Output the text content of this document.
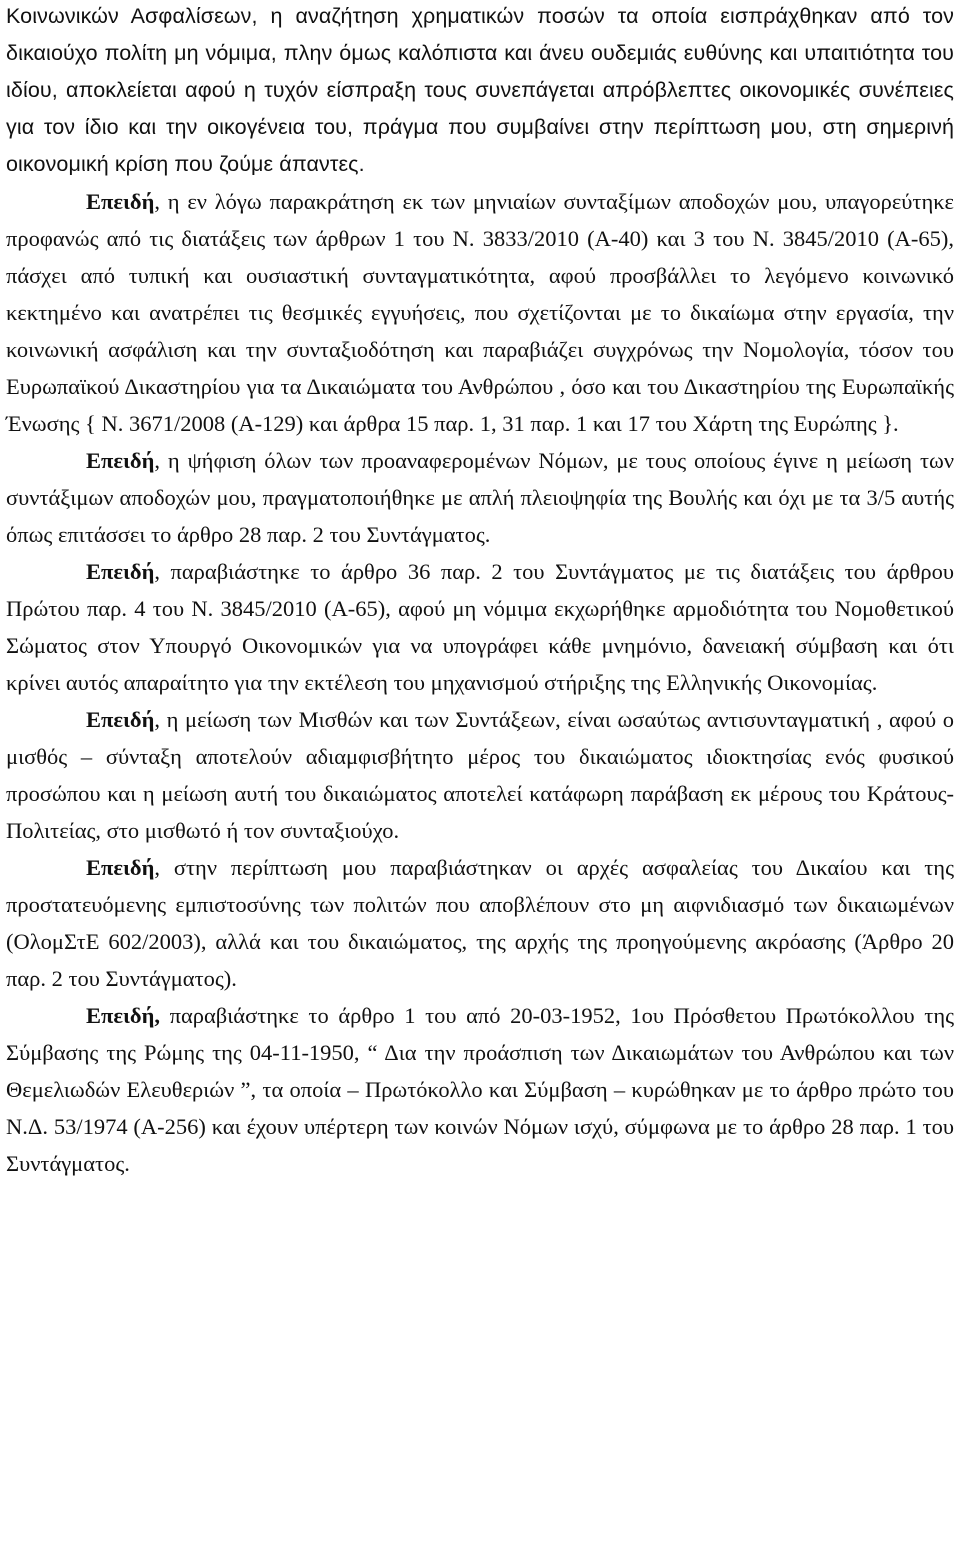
Κοινωνικών Ασφαλίσεων, η αναζήτηση χρηματικών ποσών τα οποία εισπράχθηκαν από τον δικαιούχο πολίτη μη νόμιμα, πλην όμως καλόπιστα και άνευ ουδεμιάς ευθύνης και υπαιτιότητα του ιδίου, αποκλείεται αφού η τυχόν είσπραξη τους συνεπάγεται απρόβλεπτες οικονομικές συνέπειες για τον ίδιο και την οικογένεια του, πράγμα που συμβαίνει στην περίπτωση μου, στη σημερινή οικονομική κρίση που ζούμε άπαντες.

Επειδή, η εν λόγω παρακράτηση εκ των μηνιαίων συνταξίμων αποδοχών μου, υπαγορεύτηκε προφανώς από τις διατάξεις των άρθρων 1 του Ν. 3833/2010 (Α-40) και 3 του Ν. 3845/2010 (Α-65), πάσχει από τυπική και ουσιαστική συνταγματικότητα, αφού προσβάλλει το λεγόμενο κοινωνικό κεκτημένο και ανατρέπει τις θεσμικές εγγυήσεις, που σχετίζονται με το δικαίωμα στην εργασία, την κοινωνική ασφάλιση και την συνταξιοδότηση και παραβιάζει συγχρόνως την Νομολογία, τόσον του Ευρωπαϊκού Δικαστηρίου για τα Δικαιώματα του Ανθρώπου , όσο και του Δικαστηρίου της Ευρωπαϊκής Ένωσης { Ν. 3671/2008 (Α-129) και άρθρα 15 παρ. 1, 31 παρ. 1 και 17 του Χάρτη της Ευρώπης }.

Επειδή, η ψήφιση όλων των προαναφερομένων Νόμων, με τους οποίους έγινε η μείωση των συντάξιμων αποδοχών μου, πραγματοποιήθηκε με απλή πλειοψηφία της Βουλής και όχι με τα 3/5 αυτής όπως επιτάσσει το άρθρο 28 παρ. 2 του Συντάγματος.

Επειδή, παραβιάστηκε το άρθρο 36 παρ. 2 του Συντάγματος με τις διατάξεις του άρθρου Πρώτου παρ. 4 του Ν. 3845/2010 (Α-65), αφού μη νόμιμα εκχωρήθηκε αρμοδιότητα του Νομοθετικού Σώματος στον Υπουργό Οικονομικών για να υπογράφει κάθε μνημόνιο, δανειακή σύμβαση και ότι κρίνει αυτός απαραίτητο για την εκτέλεση του μηχανισμού στήριξης της Ελληνικής Οικονομίας.

Επειδή, η μείωση των Μισθών και των Συντάξεων, είναι ωσαύτως αντισυνταγματική , αφού ο μισθός – σύνταξη αποτελούν αδιαμφισβήτητο μέρος του δικαιώματος ιδιοκτησίας ενός φυσικού προσώπου και η μείωση αυτή του δικαιώματος αποτελεί κατάφωρη παράβαση εκ μέρους του Κράτους-Πολιτείας, στο μισθωτό ή τον συνταξιούχο.

Επειδή, στην περίπτωση μου παραβιάστηκαν οι αρχές ασφαλείας του Δικαίου και της προστατευόμενης εμπιστοσύνης των πολιτών που αποβλέπουν στο μη αιφνιδιασμό των δικαιωμένων (ΟλομΣτΕ 602/2003), αλλά και του δικαιώματος, της αρχής της προηγούμενης ακρόασης (Άρθρο 20 παρ. 2 του Συντάγματος).

Επειδή, παραβιάστηκε το άρθρο 1 του από 20-03-1952, 1ου Πρόσθετου Πρωτόκολλου της Σύμβασης της Ρώμης της 04-11-1950, “ Δια την προάσπιση των Δικαιωμάτων του Ανθρώπου και των Θεμελιωδών Ελευθεριών ”, τα οποία – Πρωτόκολλο και Σύμβαση – κυρώθηκαν με το άρθρο πρώτο του Ν.Δ. 53/1974 (Α-256) και έχουν υπέρτερη των κοινών Νόμων ισχύ, σύμφωνα με το άρθρο 28 παρ. 1 του Συντάγματος.
